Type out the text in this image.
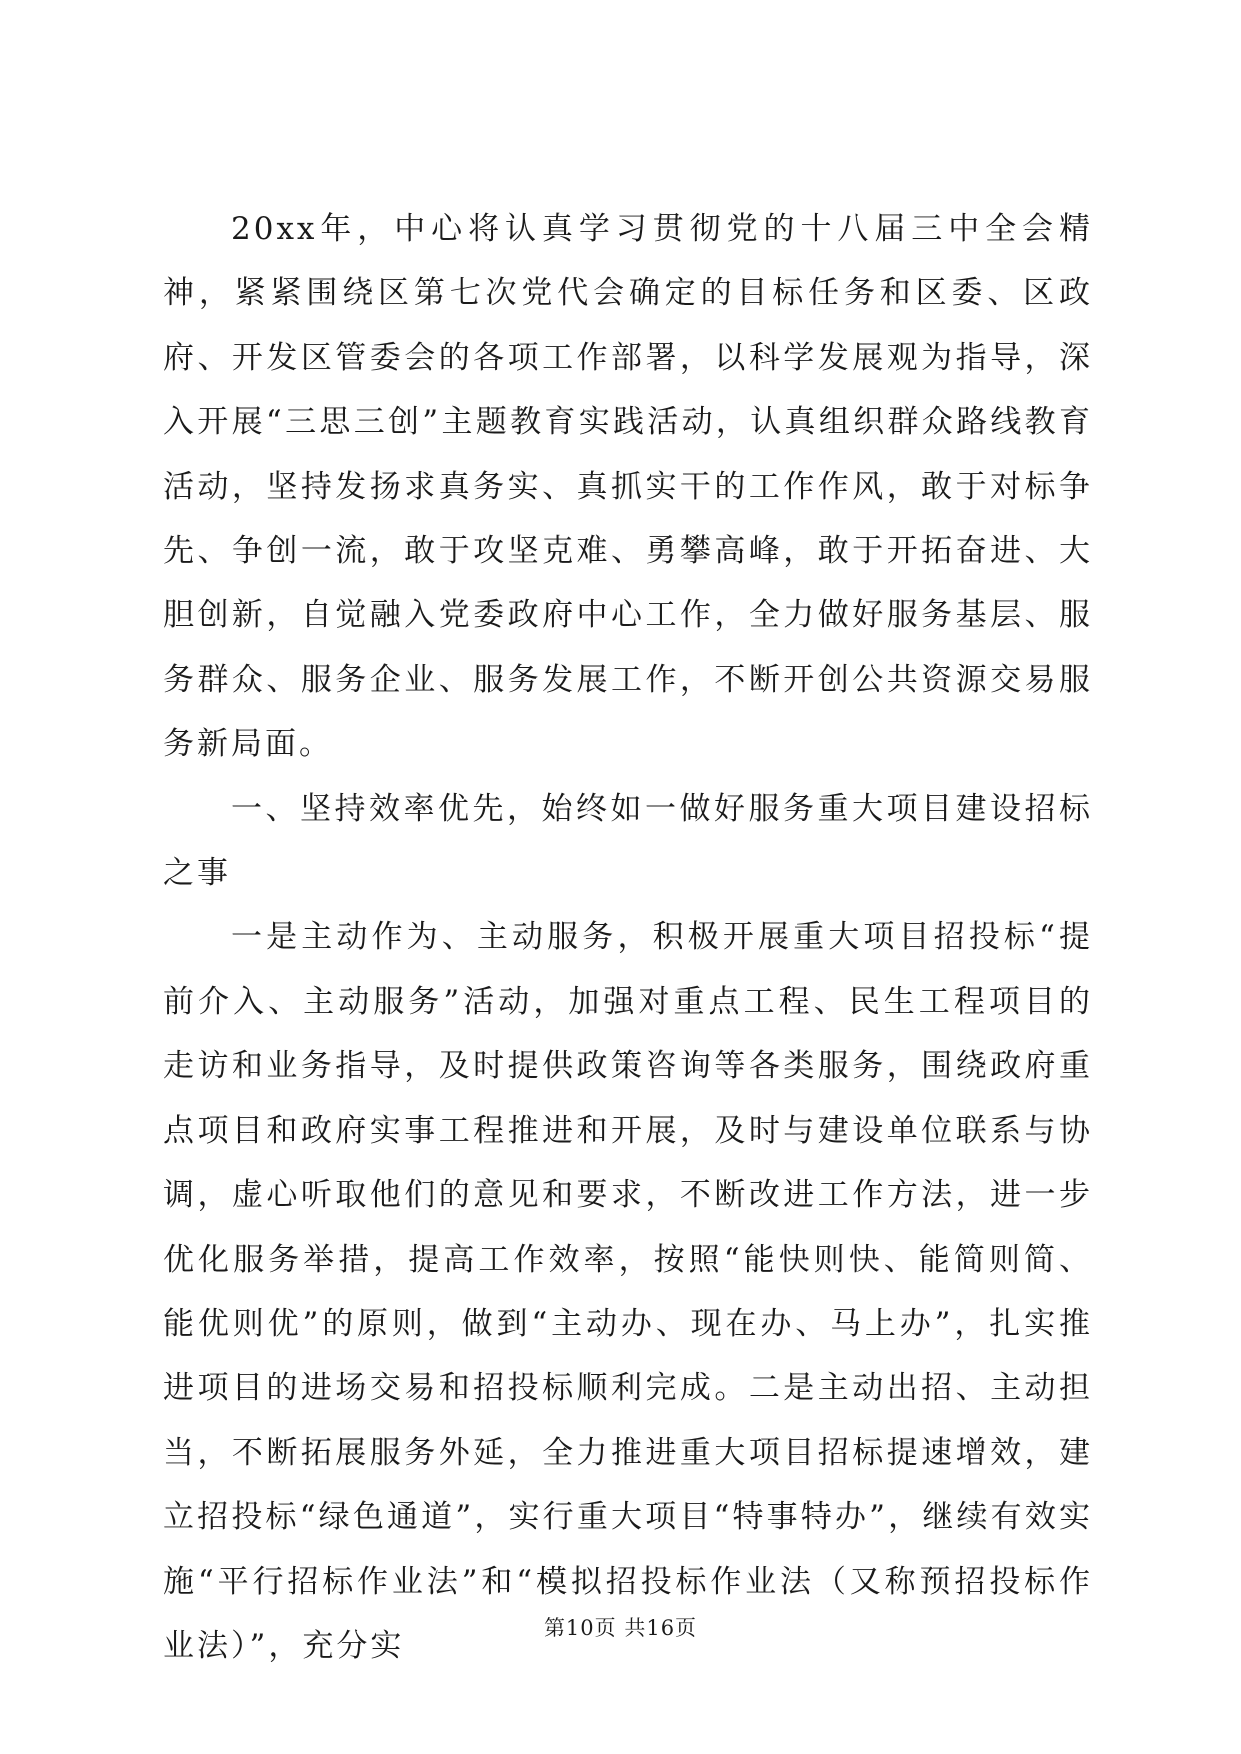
20xx年，中心将认真学习贯彻党的十八届三中全会精神，紧紧围绕区第七次党代会确定的目标任务和区委、区政府、开发区管委会的各项工作部署，以科学发展观为指导，深入开展“三思三创”主题教育实践活动，认真组织群众路线教育活动，坚持发扬求真务实、真抓实干的工作作风，敢于对标争先、争创一流，敢于攻坚克难、勇攀高峰，敢于开拓奋进、大胆创新，自觉融入党委政府中心工作，全力做好服务基层、服务群众、服务企业、服务发展工作，不断开创公共资源交易服务新局面。

一、坚持效率优先，始终如一做好服务重大项目建设招标之事

一是主动作为、主动服务，积极开展重大项目招投标“提前介入、主动服务”活动，加强对重点工程、民生工程项目的走访和业务指导，及时提供政策咨询等各类服务，围绕政府重点项目和政府实事工程推进和开展，及时与建设单位联系与协调，虚心听取他们的意见和要求，不断改进工作方法，进一步优化服务举措，提高工作效率，按照“能快则快、能简则简、能优则优”的原则，做到“主动办、现在办、马上办”，扎实推进项目的进场交易和招投标顺利完成。二是主动出招、主动担当，不断拓展服务外延，全力推进重大项目招标提速增效，建立招投标“绿色通道”，实行重大项目“特事特办”，继续有效实施“平行招标作业法”和“模拟招投标作业法（又称预招投标作业法）”，充分实	第10页 共16页
